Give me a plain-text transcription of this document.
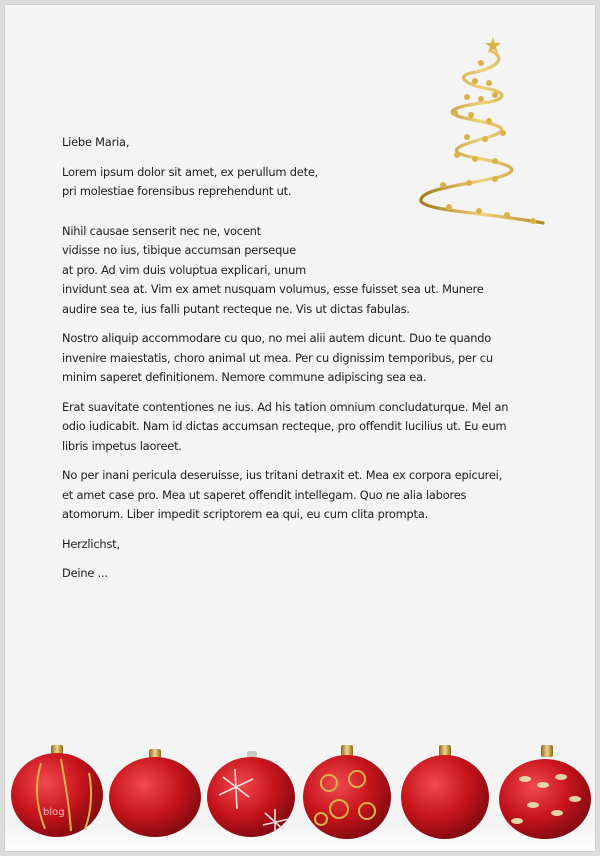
Liebe Maria,

Lorem ipsum dolor sit amet, ex perullum dete,
pri molestiae forensibus reprehendunt ut.

Nihil causae senserit nec ne, vocent
vidisse no ius, tibique accumsan perseque
at pro. Ad vim duis voluptua explicari, unum
invidunt sea at. Vim ex amet nusquam volumus, esse fuisset sea ut. Munere
audire sea te, ius falli putant recteque ne. Vis ut dictas fabulas.

Nostro aliquip accommodare cu quo, no mei alii autem dicunt. Duo te quando
invenire maiestatis, choro animal ut mea. Per cu dignissim temporibus, per cu
minim saperet definitionem. Nemore commune adipiscing sea ea.

Erat suavitate contentiones ne ius. Ad his tation omnium concludaturque. Mel an
odio iudicabit. Nam id dictas accumsan recteque, pro offendit lucilius ut. Eu eum
libris impetus laoreet.

No per inani pericula deseruisse, ius tritani detraxit et. Mea ex corpora epicurei,
et amet case pro. Mea ut saperet offendit intellegam. Quo ne alia labores
atomorum. Liber impedit scriptorem ea qui, eu cum clita prompta.

Herzlichst,

Deine ...

blog
